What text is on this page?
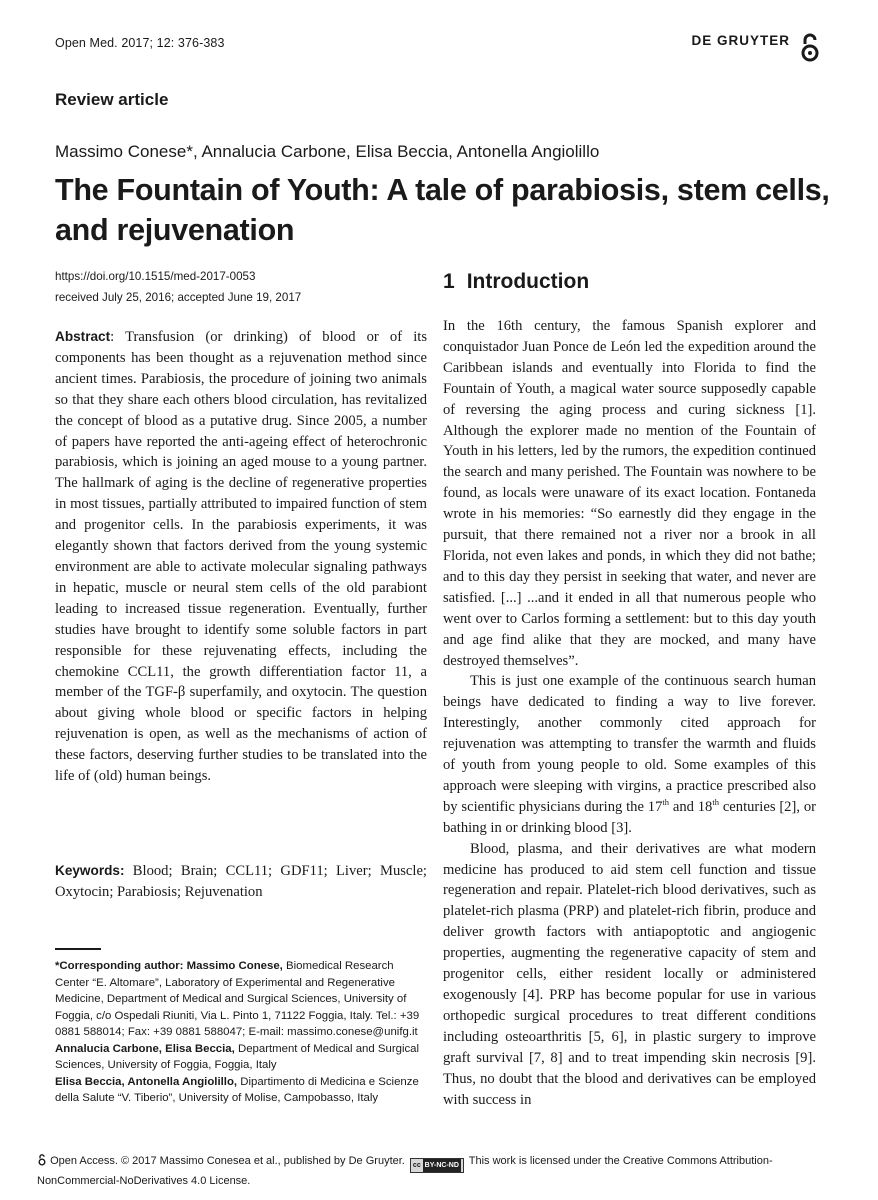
Open Med. 2017; 12: 376-383	DE GRUYTER
Review article
Massimo Conese*, Annalucia Carbone, Elisa Beccia, Antonella Angiolillo
The Fountain of Youth: A tale of parabiosis, stem cells, and rejuvenation
https://doi.org/10.1515/med-2017-0053
received July 25, 2016; accepted June 19, 2017
Abstract: Transfusion (or drinking) of blood or of its components has been thought as a rejuvenation method since ancient times. Parabiosis, the procedure of joining two animals so that they share each others blood circulation, has revitalized the concept of blood as a putative drug. Since 2005, a number of papers have reported the anti-ageing effect of heterochronic parabiosis, which is joining an aged mouse to a young partner. The hallmark of aging is the decline of regenerative properties in most tissues, partially attributed to impaired function of stem and progenitor cells. In the parabiosis experiments, it was elegantly shown that factors derived from the young systemic environment are able to activate molecular signaling pathways in hepatic, muscle or neural stem cells of the old parabiont leading to increased tissue regeneration. Eventually, further studies have brought to identify some soluble factors in part responsible for these rejuvenating effects, including the chemokine CCL11, the growth differentiation factor 11, a member of the TGF-β superfamily, and oxytocin. The question about giving whole blood or specific factors in helping rejuvenation is open, as well as the mechanisms of action of these factors, deserving further studies to be translated into the life of (old) human beings.
Keywords: Blood; Brain; CCL11; GDF11; Liver; Muscle; Oxytocin; Parabiosis; Rejuvenation

*Corresponding author: Massimo Conese, Biomedical Research Center “E. Altomare”, Laboratory of Experimental and Regenerative Medicine, Department of Medical and Surgical Sciences, University of Foggia, c/o Ospedali Riuniti, Via L. Pinto 1, 71122 Foggia, Italy. Tel.: +39 0881 588014; Fax: +39 0881 588047; E-mail: massimo.conese@unifg.it

Annalucia Carbone, Elisa Beccia, Department of Medical and Surgical Sciences, University of Foggia, Foggia, Italy

Elisa Beccia, Antonella Angiolillo, Dipartimento di Medicina e Scienze della Salute “V. Tiberio”, University of Molise, Campobasso, Italy

1 Introduction

In the 16th century, the famous Spanish explorer and conquistador Juan Ponce de León led the expedition around the Caribbean islands and eventually into Florida to find the Fountain of Youth, a magical water source supposedly capable of reversing the aging process and curing sickness [1]. Although the explorer made no mention of the Fountain of Youth in his letters, led by the rumors, the expedition continued the search and many perished. The Fountain was nowhere to be found, as locals were unaware of its exact location. Fontaneda wrote in his memories: “So earnestly did they engage in the pursuit, that there remained not a river nor a brook in all Florida, not even lakes and ponds, in which they did not bathe; and to this day they persist in seeking that water, and never are satisfied. [...] ...and it ended in all that numerous people who went over to Carlos forming a settlement: but to this day youth and age find alike that they are mocked, and many have destroyed themselves”.

This is just one example of the continuous search human beings have dedicated to finding a way to live forever. Interestingly, another commonly cited approach for rejuvenation was attempting to transfer the warmth and fluids of youth from young people to old. Some examples of this approach were sleeping with virgins, a practice prescribed also by scientific physicians during the 17th and 18th centuries [2], or bathing in or drinking blood [3].

Blood, plasma, and their derivatives are what modern medicine has produced to aid stem cell function and tissue regeneration and repair. Platelet-rich blood derivatives, such as platelet-rich plasma (PRP) and platelet-rich fibrin, produce and deliver growth factors with antiapoptotic and angiogenic properties, augmenting the regenerative capacity of stem and progenitor cells, either resident locally or administered exogenously [4]. PRP has become popular for use in various orthopedic surgical procedures to treat different conditions including osteoarthritis [5, 6], in plastic surgery to improve graft survival [7, 8] and to treat impending skin necrosis [9]. Thus, no doubt that the blood and derivatives can be employed with success in

Open Access. © 2017 Massimo Conesea et al., published by De Gruyter. cc BY-NC-ND This work is licensed under the Creative Commons Attribution-NonCommercial-NoDerivatives 4.0 License.
